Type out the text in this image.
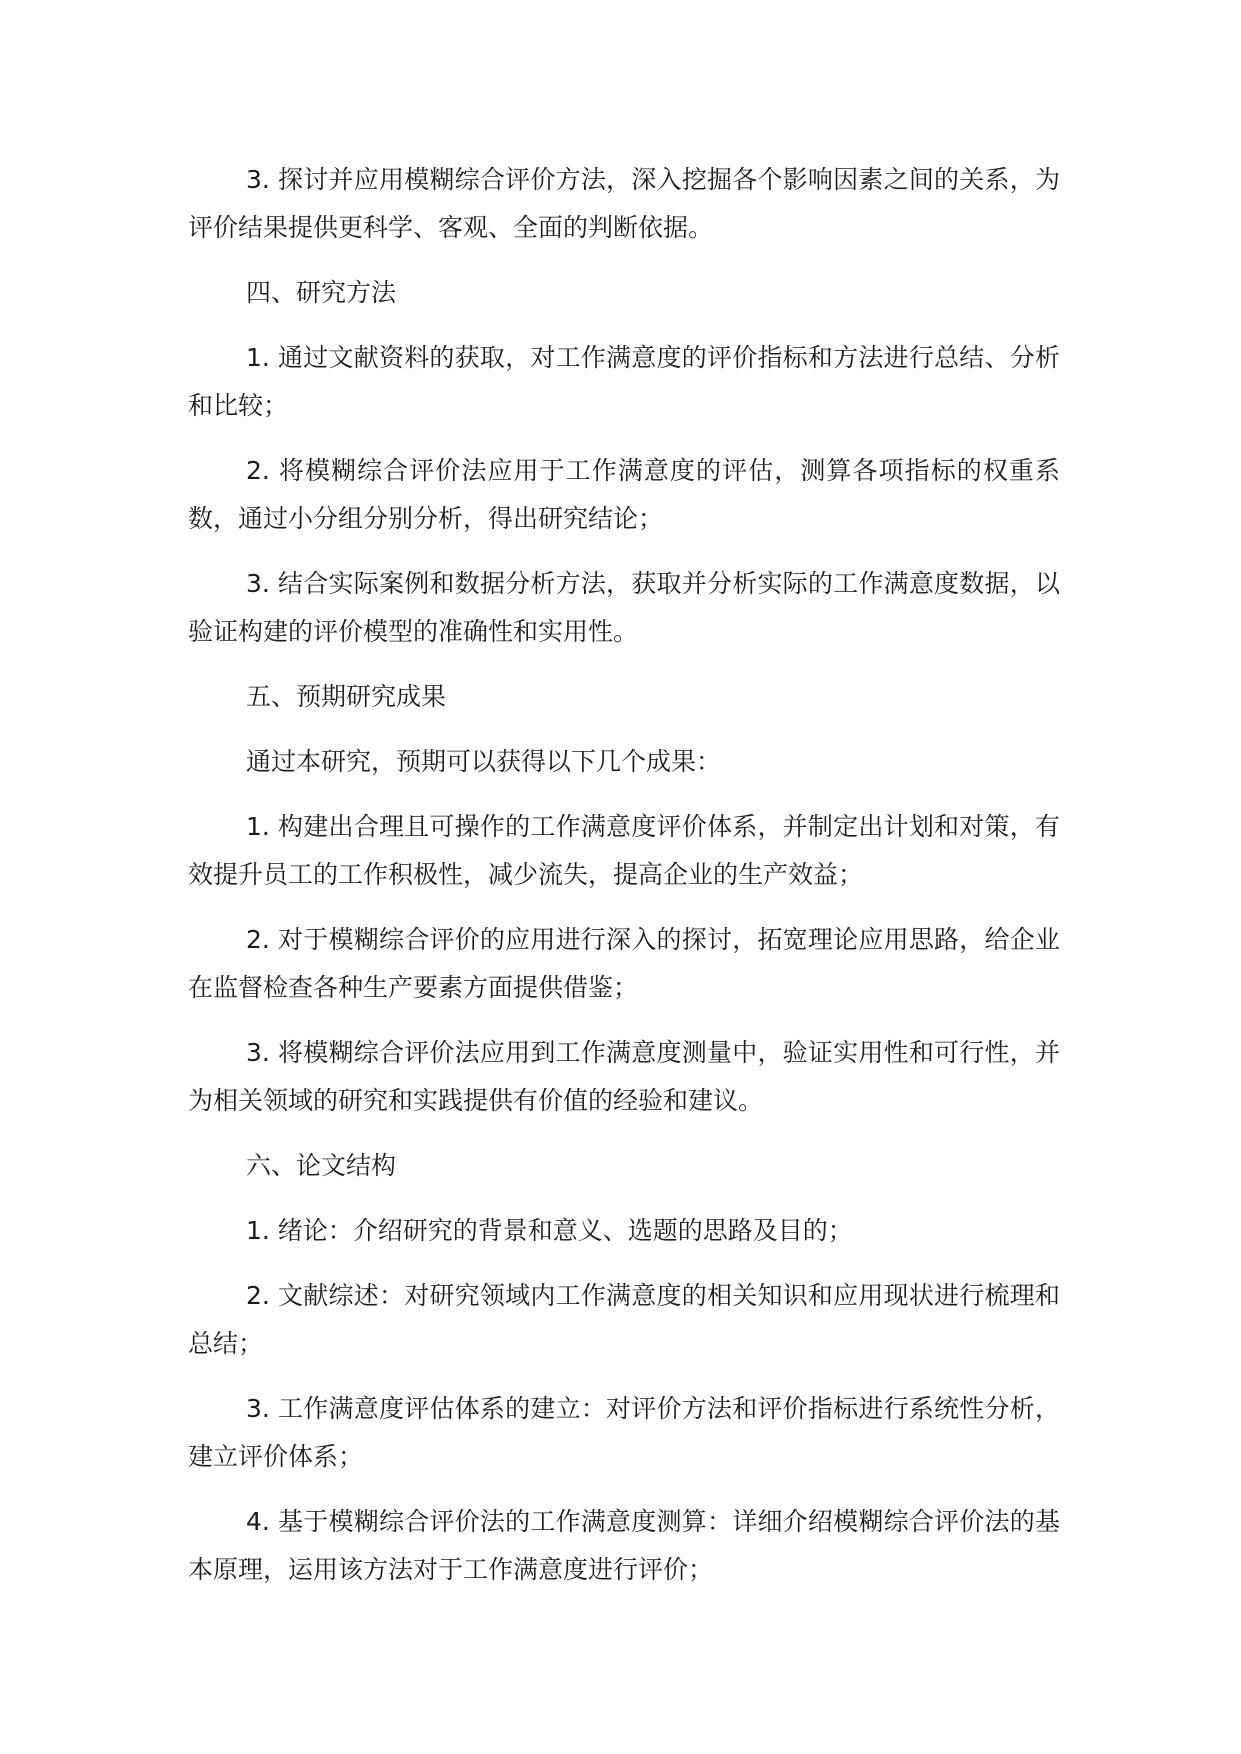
3. 探讨并应用模糊综合评价方法，深入挖掘各个影响因素之间的关系，为评价结果提供更科学、客观、全面的判断依据。

四、研究方法

1. 通过文献资料的获取，对工作满意度的评价指标和方法进行总结、分析和比较；

2. 将模糊综合评价法应用于工作满意度的评估，测算各项指标的权重系数，通过小分组分别分析，得出研究结论；

3. 结合实际案例和数据分析方法，获取并分析实际的工作满意度数据，以验证构建的评价模型的准确性和实用性。

五、预期研究成果

通过本研究，预期可以获得以下几个成果：

1. 构建出合理且可操作的工作满意度评价体系，并制定出计划和对策，有效提升员工的工作积极性，减少流失，提高企业的生产效益；

2. 对于模糊综合评价的应用进行深入的探讨，拓宽理论应用思路，给企业在监督检查各种生产要素方面提供借鉴；

3. 将模糊综合评价法应用到工作满意度测量中，验证实用性和可行性，并为相关领域的研究和实践提供有价值的经验和建议。

六、论文结构

1. 绪论：介绍研究的背景和意义、选题的思路及目的；

2. 文献综述：对研究领域内工作满意度的相关知识和应用现状进行梳理和总结；

3. 工作满意度评估体系的建立：对评价方法和评价指标进行系统性分析，建立评价体系；

4. 基于模糊综合评价法的工作满意度测算：详细介绍模糊综合评价法的基本原理，运用该方法对于工作满意度进行评价；
